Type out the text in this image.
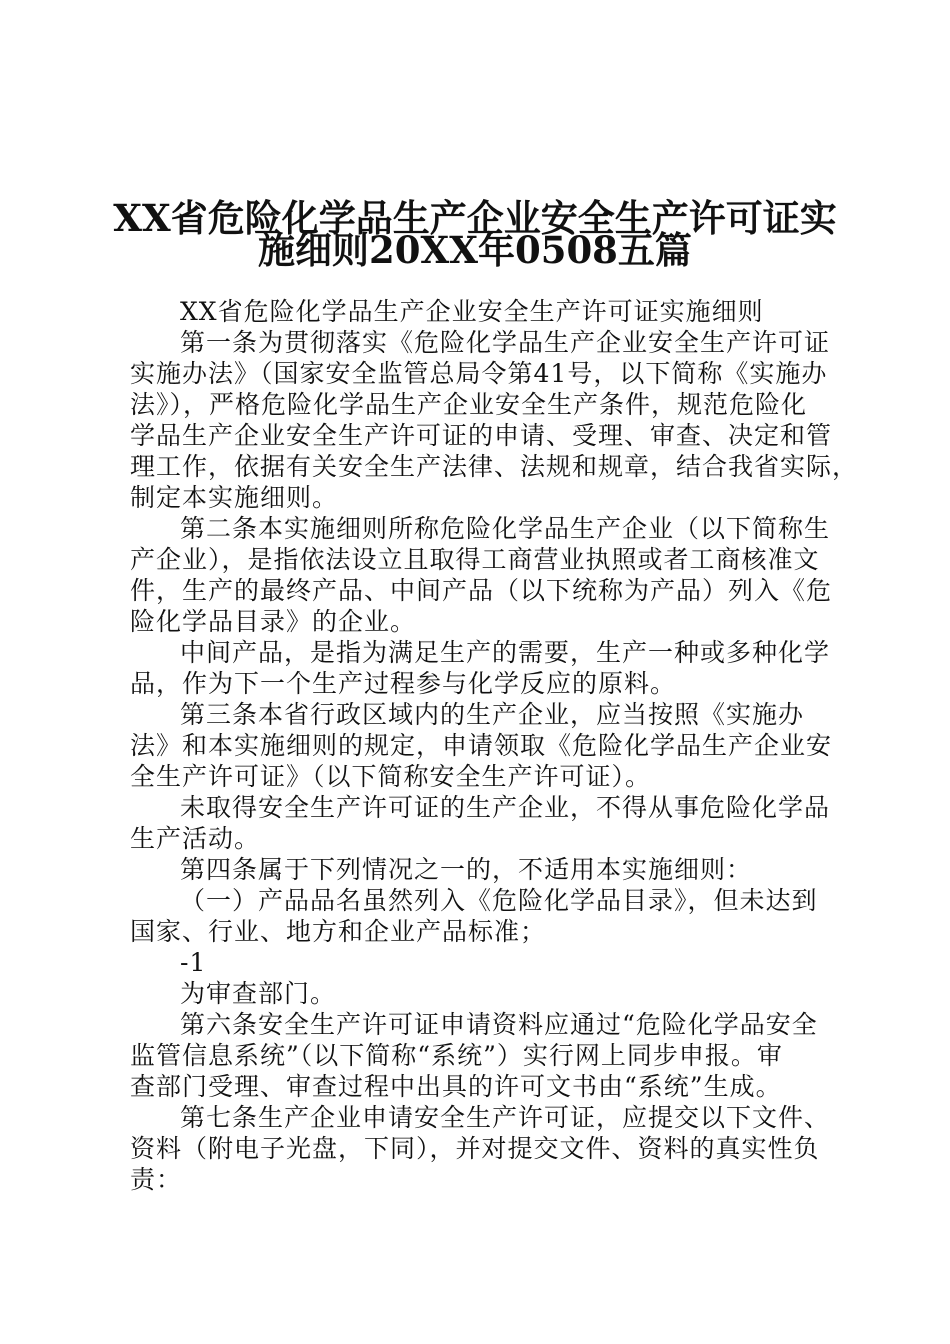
XX省危险化学品生产企业安全生产许可证实
施细则20XX年0508五篇

XX省危险化学品生产企业安全生产许可证实施细则

第一条为贯彻落实《危险化学品生产企业安全生产许可证

实施办法》（国家安全监管总局令第41号，以下简称《实施办

法》），严格危险化学品生产企业安全生产条件，规范危险化

学品生产企业安全生产许可证的申请、受理、审查、决定和管

理工作，依据有关安全生产法律、法规和规章，结合我省实际，

制定本实施细则。

第二条本实施细则所称危险化学品生产企业（以下简称生

产企业），是指依法设立且取得工商营业执照或者工商核准文

件，生产的最终产品、中间产品（以下统称为产品）列入《危

险化学品目录》的企业。

中间产品，是指为满足生产的需要，生产一种或多种化学

品，作为下一个生产过程参与化学反应的原料。

第三条本省行政区域内的生产企业，应当按照《实施办

法》和本实施细则的规定，申请领取《危险化学品生产企业安

全生产许可证》（以下简称安全生产许可证）。

未取得安全生产许可证的生产企业，不得从事危险化学品

生产活动。

第四条属于下列情况之一的，不适用本实施细则：

（一）产品品名虽然列入《危险化学品目录》，但未达到

国家、行业、地方和企业产品标准；

-1

为审查部门。

第六条安全生产许可证申请资料应通过“危险化学品安全

监管信息系统”（以下简称“系统”）实行网上同步申报。审

查部门受理、审查过程中出具的许可文书由“系统”生成。

第七条生产企业申请安全生产许可证，应提交以下文件、

资料（附电子光盘，下同），并对提交文件、资料的真实性负

责：
